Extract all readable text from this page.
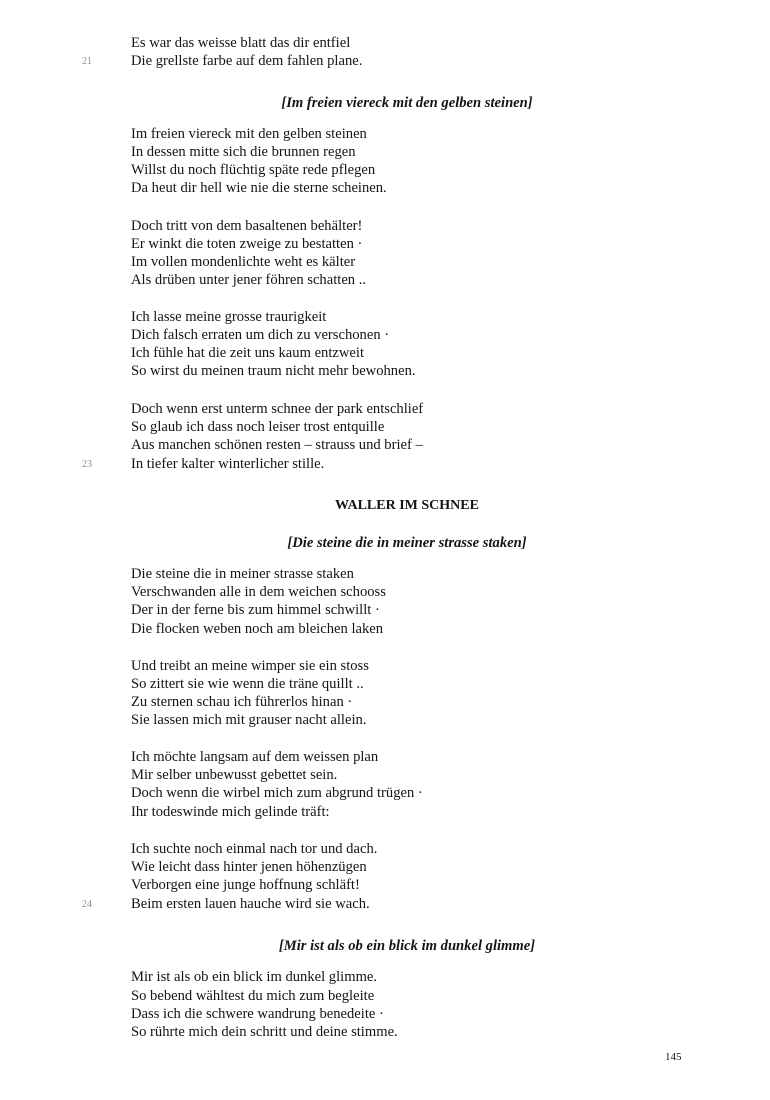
Es war das weisse blatt das dir entfiel
Die grellste farbe auf dem fahlen plane.
21
[Im freien viereck mit den gelben steinen]
Im freien viereck mit den gelben steinen
In dessen mitte sich die brunnen regen
Willst du noch flüchtig späte rede pflegen
Da heut dir hell wie nie die sterne scheinen.
Doch tritt von dem basaltenen behälter!
Er winkt die toten zweige zu bestatten ·
Im vollen mondenlichte weht es kälter
Als drüben unter jener föhren schatten ..
Ich lasse meine grosse traurigkeit
Dich falsch erraten um dich zu verschonen ·
Ich fühle hat die zeit uns kaum entzweit
So wirst du meinen traum nicht mehr bewohnen.
Doch wenn erst unterm schnee der park entschlief
So glaub ich dass noch leiser trost entquille
Aus manchen schönen resten – strauss und brief –
In tiefer kalter winterlicher stille.
23
WALLER IM SCHNEE
[Die steine die in meiner strasse staken]
Die steine die in meiner strasse staken
Verschwanden alle in dem weichen schooss
Der in der ferne bis zum himmel schwillt ·
Die flocken weben noch am bleichen laken
Und treibt an meine wimper sie ein stoss
So zittert sie wie wenn die träne quillt ..
Zu sternen schau ich führerlos hinan ·
Sie lassen mich mit grauser nacht allein.
Ich möchte langsam auf dem weissen plan
Mir selber unbewusst gebettet sein.
Doch wenn die wirbel mich zum abgrund trügen ·
Ihr todeswinde mich gelinde träft:
Ich suchte noch einmal nach tor und dach.
Wie leicht dass hinter jenen höhenzügen
Verborgen eine junge hoffnung schläft!
Beim ersten lauen hauche wird sie wach.
24
[Mir ist als ob ein blick im dunkel glimme]
Mir ist als ob ein blick im dunkel glimme.
So bebend wähltest du mich zum begleite
Dass ich die schwere wandrung benedeite ·
So rührte mich dein schritt und deine stimme.
145
